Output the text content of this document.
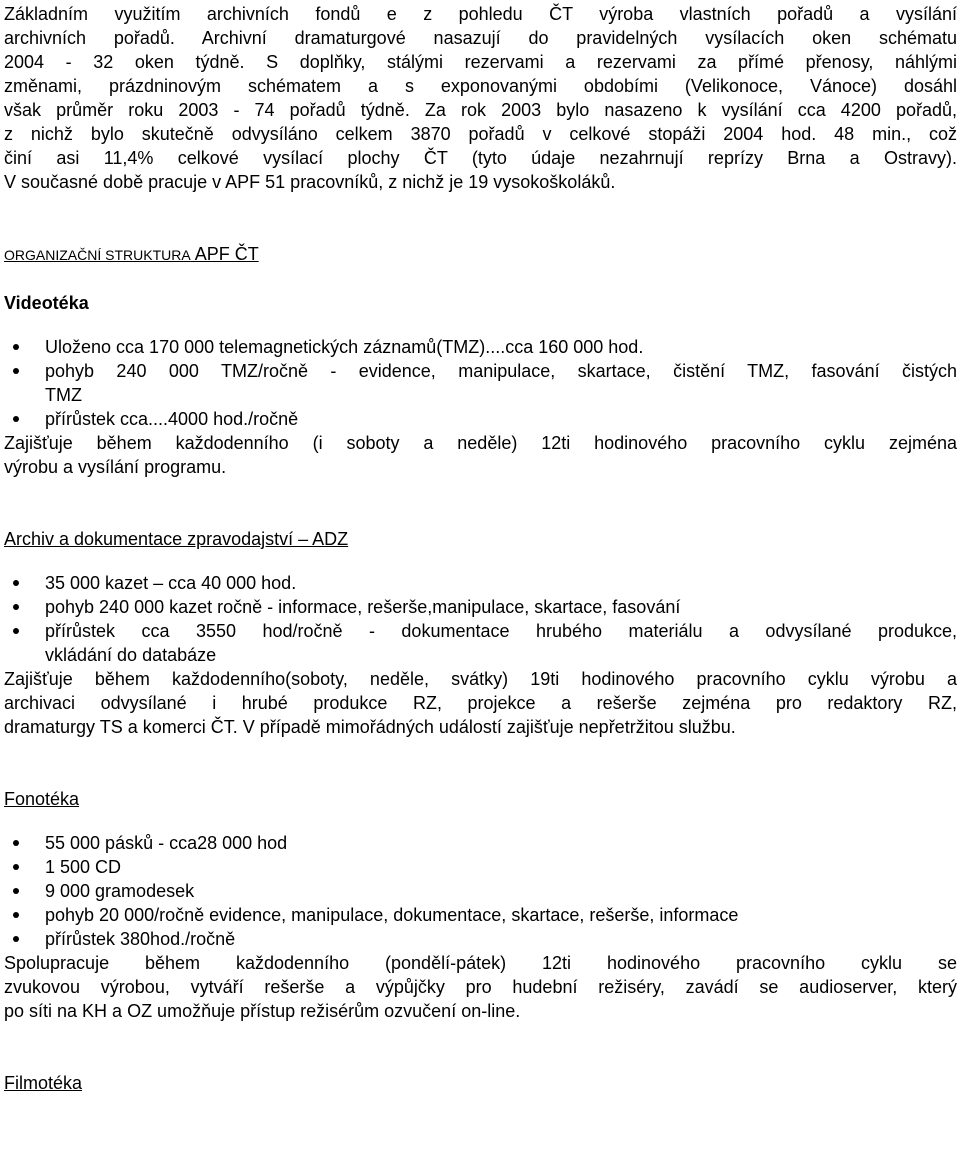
Základním využitím archivních fondů e z pohledu ČT výroba vlastních pořadů a vysílání

archivních pořadů. Archivní dramaturgové nasazují do pravidelných vysílacích oken schématu

2004 - 32 oken týdně. S doplňky, stálými rezervami a rezervami za přímé přenosy, náhlými

změnami, prázdninovým schématem a s exponovanými obdobími (Velikonoce, Vánoce) dosáhl

však průměr roku 2003 - 74 pořadů týdně. Za rok 2003 bylo nasazeno k vysílání cca 4200 pořadů,

z nichž bylo skutečně odvysíláno celkem 3870 pořadů v celkové stopáži 2004 hod. 48 min., což

činí asi 11,4% celkové vysílací plochy ČT (tyto údaje nezahrnují reprízy Brna a Ostravy).

V současné době pracuje v APF 51 pracovníků, z nichž je 19 vysokoškoláků.

ORGANIZAČNÍ STRUKTURA APF ČT

Videotéka

Uloženo cca 170 000 telemagnetických záznamů(TMZ)....cca 160 000 hod.
pohyb 240 000 TMZ/ročně - evidence, manipulace, skartace, čistění TMZ, fasování čistých
TMZ
přírůstek cca....4000 hod./ročně

Zajišťuje během každodenního (i soboty a neděle) 12ti hodinového pracovního cyklu zejména

výrobu a vysílání programu.

Archiv a dokumentace zpravodajství – ADZ

35 000 kazet – cca 40 000 hod.
pohyb 240 000 kazet ročně - informace, rešerše,manipulace, skartace, fasování
přírůstek cca 3550 hod/ročně - dokumentace hrubého materiálu a odvysílané produkce,
vkládání do databáze

Zajišťuje během každodenního(soboty, neděle, svátky) 19ti hodinového pracovního cyklu výrobu a

archivaci odvysílané i hrubé produkce RZ, projekce a rešerše zejména pro redaktory RZ,

dramaturgy TS a komerci ČT. V případě mimořádných událostí zajišťuje nepřetržitou službu.

Fonotéka

55 000 pásků - cca28 000 hod
1 500 CD
9 000 gramodesek
pohyb 20 000/ročně evidence, manipulace, dokumentace, skartace, rešerše, informace
přírůstek 380hod./ročně

Spolupracuje během každodenního (pondělí-pátek) 12ti hodinového pracovního cyklu se

zvukovou výrobou, vytváří rešerše a výpůjčky pro hudební režiséry, zavádí se audioserver, který

po síti na KH a OZ umožňuje přístup režisérům ozvučení on-line.

Filmotéka
